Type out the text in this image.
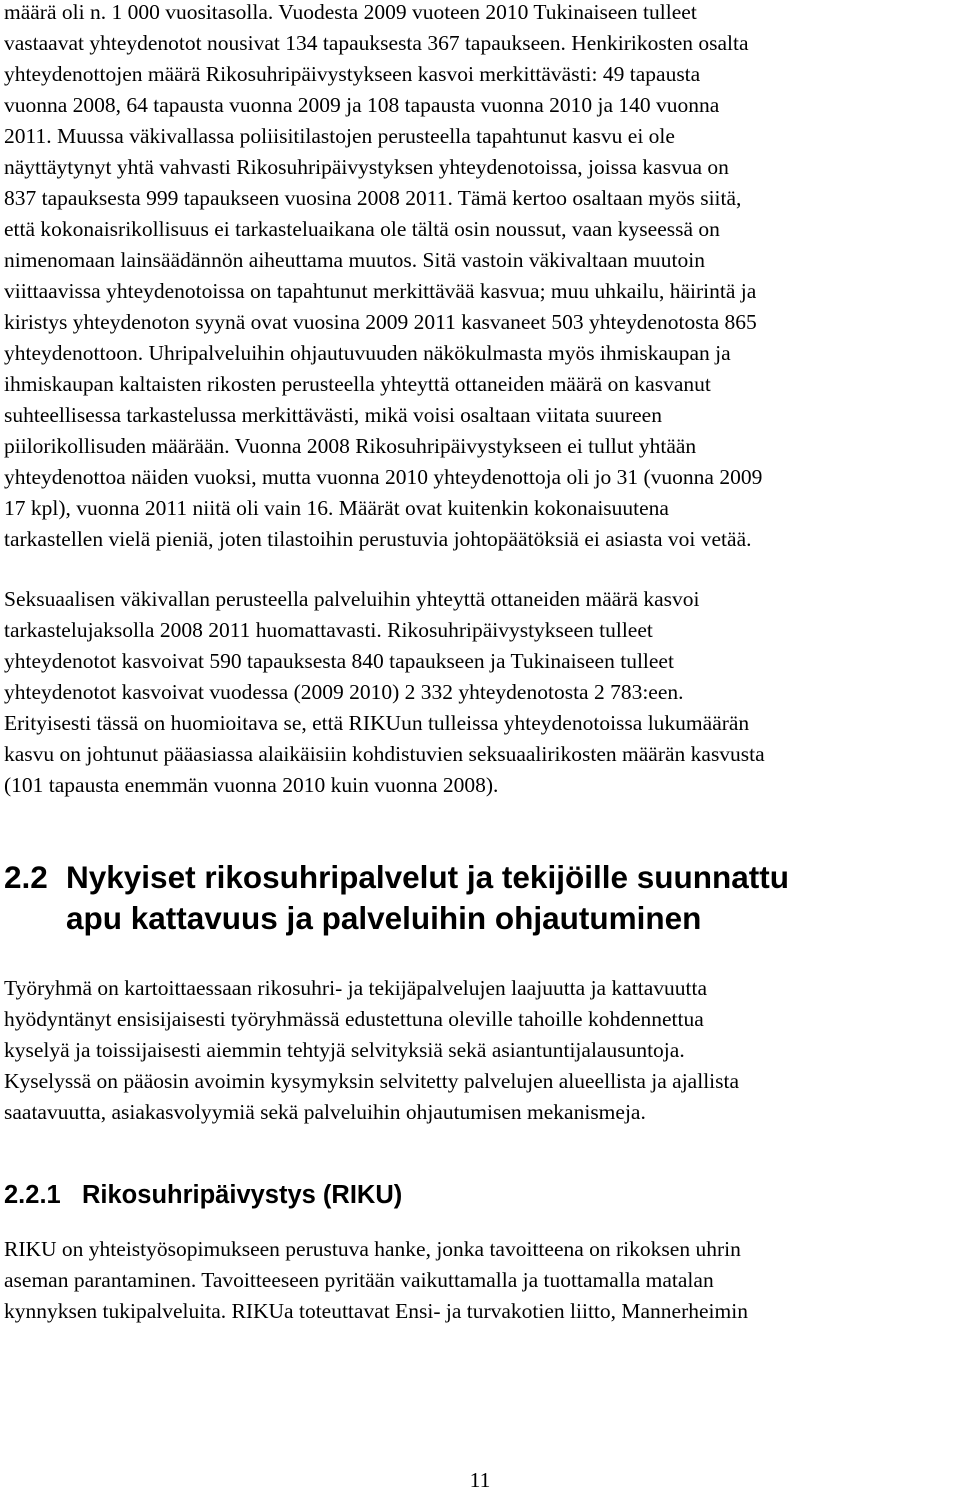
määrä oli n. 1 000 vuositasolla. Vuodesta 2009 vuoteen 2010 Tukinaiseen tulleet
vastaavat yhteydenotot nousivat 134 tapauksesta 367 tapaukseen. Henkirikosten osalta
yhteydenottojen määrä Rikosuhripäivystykseen kasvoi merkittävästi: 49 tapausta
vuonna 2008, 64 tapausta vuonna 2009 ja 108 tapausta vuonna 2010 ja 140 vuonna
2011. Muussa väkivallassa poliisitilastojen perusteella tapahtunut kasvu ei ole
näyttäytynyt yhtä vahvasti Rikosuhripäivystyksen yhteydenotoissa, joissa kasvua on
837 tapauksesta 999 tapaukseen vuosina 2008 2011. Tämä kertoo osaltaan myös siitä,
että kokonaisrikollisuus ei tarkasteluaikana ole tältä osin noussut, vaan kyseessä on
nimenomaan lainsäädännön aiheuttama muutos. Sitä vastoin väkivaltaan muutoin
viittaavissa yhteydenotoissa on tapahtunut merkittävää kasvua; muu uhkailu, häirintä ja
kiristys yhteydenoton syynä ovat vuosina 2009 2011 kasvaneet 503 yhteydenotosta 865
yhteydenottoon. Uhripalveluihin ohjautuvuuden näkökulmasta myös ihmiskaupan ja
ihmiskaupan kaltaisten rikosten perusteella yhteyttä ottaneiden määrä on kasvanut
suhteellisessa tarkastelussa merkittävästi, mikä voisi osaltaan viitata suureen
piilorikollisuden määrään. Vuonna 2008 Rikosuhripäivystykseen ei tullut yhtään
yhteydenottoa näiden vuoksi, mutta vuonna 2010 yhteydenottoja oli jo 31 (vuonna 2009
17 kpl), vuonna 2011 niitä oli vain 16. Määrät ovat kuitenkin kokonaisuutena
tarkastellen vielä pieniä, joten tilastoihin perustuvia johtopäätöksiä ei asiasta voi vetää.
Seksuaalisen väkivallan perusteella palveluihin yhteyttä ottaneiden määrä kasvoi
tarkastelujaksolla 2008 2011 huomattavasti. Rikosuhripäivystykseen tulleet
yhteydenotot kasvoivat 590 tapauksesta 840 tapaukseen ja Tukinaiseen tulleet
yhteydenotot kasvoivat vuodessa (2009 2010) 2 332 yhteydenotosta 2 783:een.
Erityisesti tässä on huomioitava se, että RIKUun tulleissa yhteydenotoissa lukumäärän
kasvu on johtunut pääasiassa alaikäisiin kohdistuvien seksuaalirikosten määrän kasvusta
(101 tapausta enemmän vuonna 2010 kuin vuonna 2008).
2.2 Nykyiset rikosuhripalvelut ja tekijöille suunnattu
apu kattavuus ja palveluihin ohjautuminen
Työryhmä on kartoittaessaan rikosuhri- ja tekijäpalvelujen laajuutta ja kattavuutta
hyödyntänyt ensisijaisesti työryhmässä edustettuna oleville tahoille kohdennettua
kyselyä ja toissijaisesti aiemmin tehtyjä selvityksiä sekä asiantuntijalausuntoja.
Kyselyssä on pääosin avoimin kysymyksin selvitetty palvelujen alueellista ja ajallista
saatavuutta, asiakasvolyymiä sekä palveluihin ohjautumisen mekanismeja.
2.2.1 Rikosuhripäivystys (RIKU)
RIKU on yhteistyösopimukseen perustuva hanke, jonka tavoitteena on rikoksen uhrin
aseman parantaminen. Tavoitteeseen pyritään vaikuttamalla ja tuottamalla matalan
kynnyksen tukipalveluita. RIKUa toteuttavat Ensi- ja turvakotien liitto, Mannerheimin
11
